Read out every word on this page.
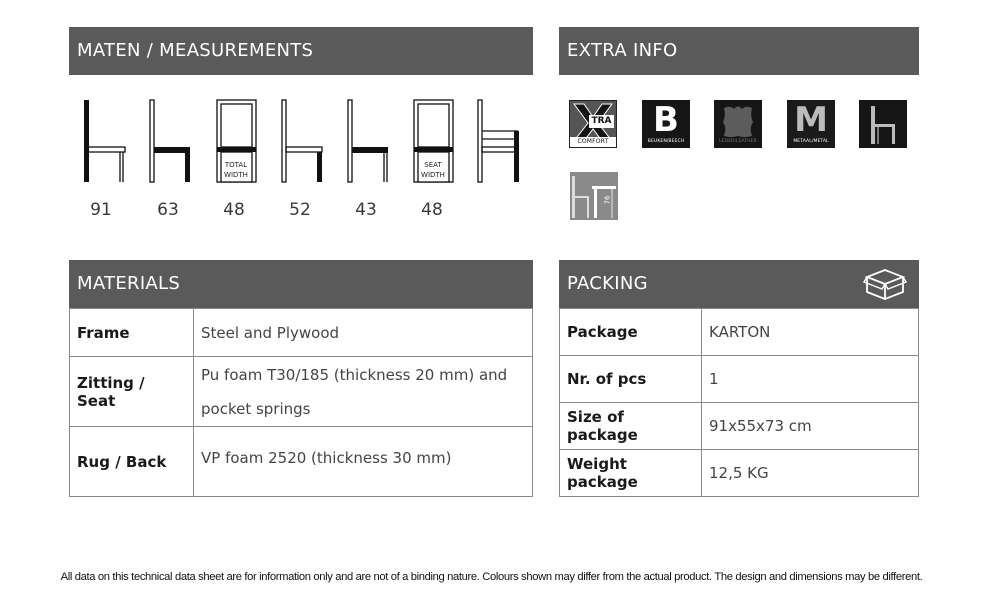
MATEN / MEASUREMENTS
TOTAL
WIDTH
SEAT
WIDTH
91	63	48	52	43	48
EXTRA INFO
TRA
COMFORT
B
BEUKEN/BEECH	LEDER/LEATHER
M
METAAL/METAL
76
MATERIALS
Frame	Steel and Plywood
Zitting / Seat	Pu foam T30/185 (thickness 20 mm) and pocket springs

Rug / Back	VP foam 2520 (thickness 30 mm)
PACKING
Package	KARTON
Nr. of pcs	1
Size of package	91x55x73 cm
Weight package	12,5 KG
All data on this technical data sheet are for information only and are not of a binding nature. Colours shown may differ from the actual product. The design and dimensions may be different.
